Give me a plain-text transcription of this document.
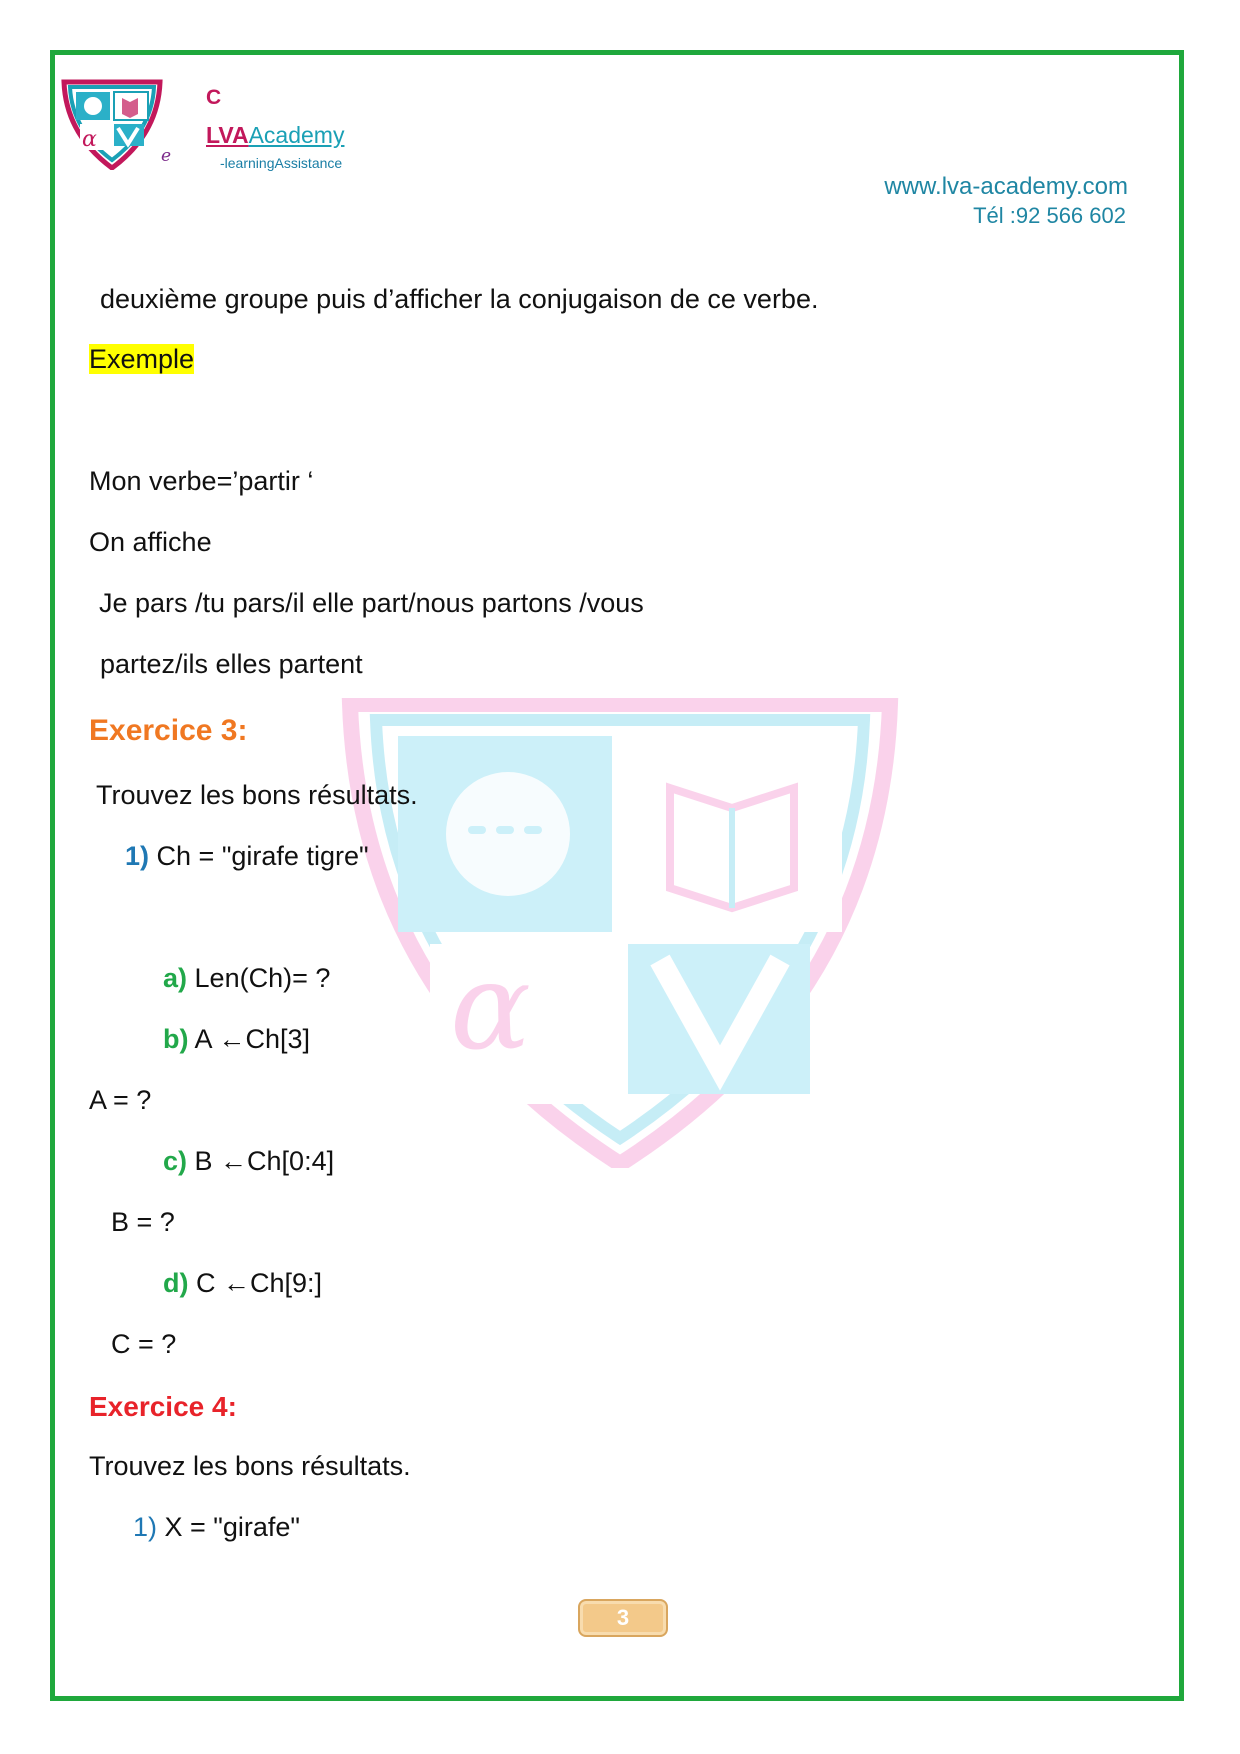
α
e
C
LVAAcademy
-learningAssistance
www.lva-academy.com
Tél :92 566 602
α
deuxième groupe puis d’afficher la conjugaison de ce verbe.
Exemple
Mon verbe=’partir ‘
On affiche
Je pars /tu pars/il elle part/nous partons /vous
partez/ils elles partent
Exercice 3:
Trouvez les bons résultats.
1) Ch = "girafe tigre"
a) Len(Ch)= ?
b) A ←Ch[3]
A = ?
c) B ←Ch[0:4]
B = ?
d) C ←Ch[9:]
C = ?
Exercice 4:
Trouvez les bons résultats.
1) X = "girafe"
3
